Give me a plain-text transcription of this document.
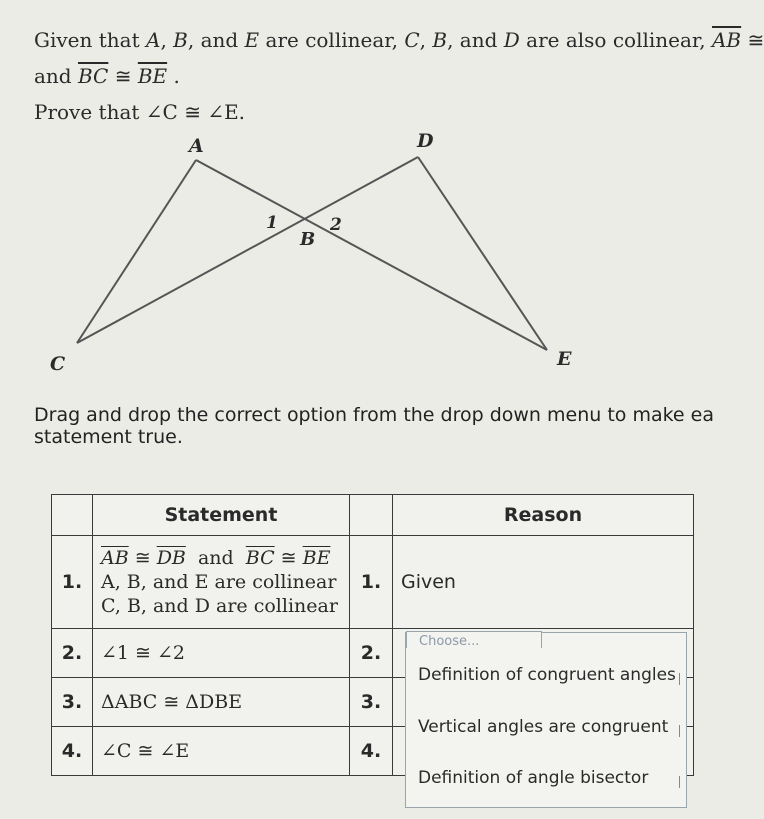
Given that A, B, and E are collinear, C, B, and D are also collinear, $\overline{AB}$ ≅
and $\overline{BC}$ ≅ $\overline{BE}$ .
Prove that ∠C ≅ ∠E.
A
B
C
D
E
1	2
Drag and drop the correct option from the drop down menu to make ea
statement true.
	Statement		Reason
1.	$\overline{AB}$ ≅ $\overline{DB}$  and  $\overline{BC}$ ≅ $\overline{BE}$
A, B, and E are collinear
C, B, and D are collinear	1.	Given
2.	∠1 ≅ ∠2	2.	
3.	ΔABC ≅ ΔDBE	3.	
4.	∠C ≅ ∠E	4.	
Choose...
Definition of congruent angles
Vertical angles are congruent
Definition of angle bisector
